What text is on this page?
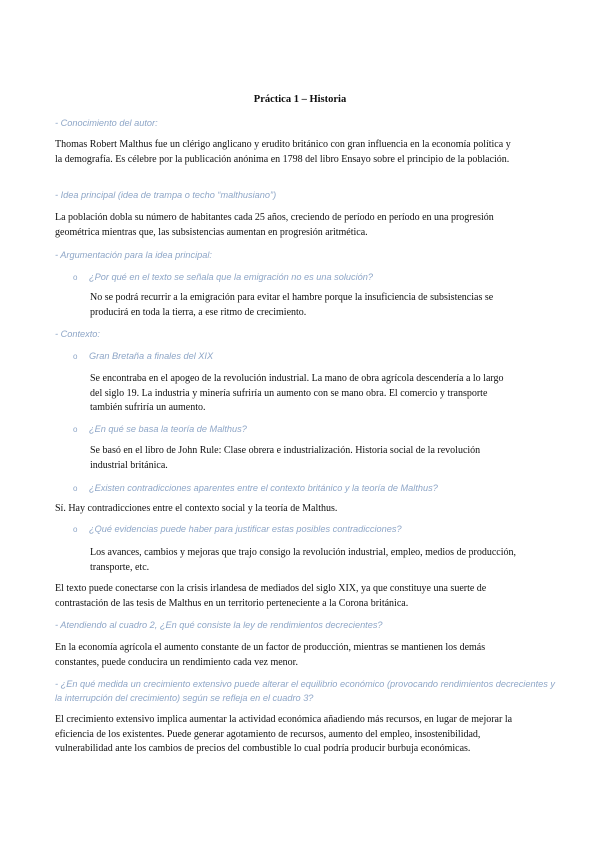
Práctica 1 – Historia
- Conocimiento del autor:
Thomas Robert Malthus fue un clérigo anglicano y erudito británico con gran influencia en la economía política y la demografía. Es célebre por la publicación anónima en 1798 del libro Ensayo sobre el principio de la población.
- Idea principal (idea de trampa o techo “malthusiano”)
La población dobla su número de habitantes cada 25 años, creciendo de período en período en una progresión geométrica mientras que, las subsistencias aumentan en progresión aritmética.
- Argumentación para la idea principal:
o ¿Por qué en el texto se señala que la emigración no es una solución?
No se podrá recurrir a la emigración para evitar el hambre porque la insuficiencia de subsistencias se producirá en toda la tierra, a ese ritmo de crecimiento.
- Contexto:
o Gran Bretaña a finales del XIX
Se encontraba en el apogeo de la revolución industrial. La mano de obra agrícola descendería a lo largo del siglo 19. La industria y minería sufriría un aumento con se mano obra. El comercio y transporte también sufriría un aumento.
o ¿En qué se basa la teoría de Malthus?
Se basó en el libro de John Rule: Clase obrera e industrialización. Historia social de la revolución industrial británica.
o ¿Existen contradicciones aparentes entre el contexto británico y la teoría de Malthus?
Sí. Hay contradicciones entre el contexto social y la teoría de Malthus.
o ¿Qué evidencias puede haber para justificar estas posibles contradicciones?
Los avances, cambios y mejoras que trajo consigo la revolución industrial, empleo, medios de producción, transporte, etc.
El texto puede conectarse con la crisis irlandesa de mediados del siglo XIX, ya que constituye una suerte de contrastación de las tesis de Malthus en un territorio perteneciente a la Corona británica.
- Atendiendo al cuadro 2, ¿En qué consiste la ley de rendimientos decrecientes?
En la economía agrícola el aumento constante de un factor de producción, mientras se mantienen los demás constantes, puede conducira un rendimiento cada vez menor.
- ¿En qué medida un crecimiento extensivo puede alterar el equilibrio económico (provocando rendimientos decrecientes y la interrupción del crecimiento) según se refleja en el cuadro 3?
El crecimiento extensivo implica aumentar la actividad económica añadiendo más recursos, en lugar de mejorar la eficiencia de los existentes. Puede generar agotamiento de recursos, aumento del empleo, insostenibilidad, vulnerabilidad ante los cambios de precios del combustible lo cual podría producir burbuja económicas.
